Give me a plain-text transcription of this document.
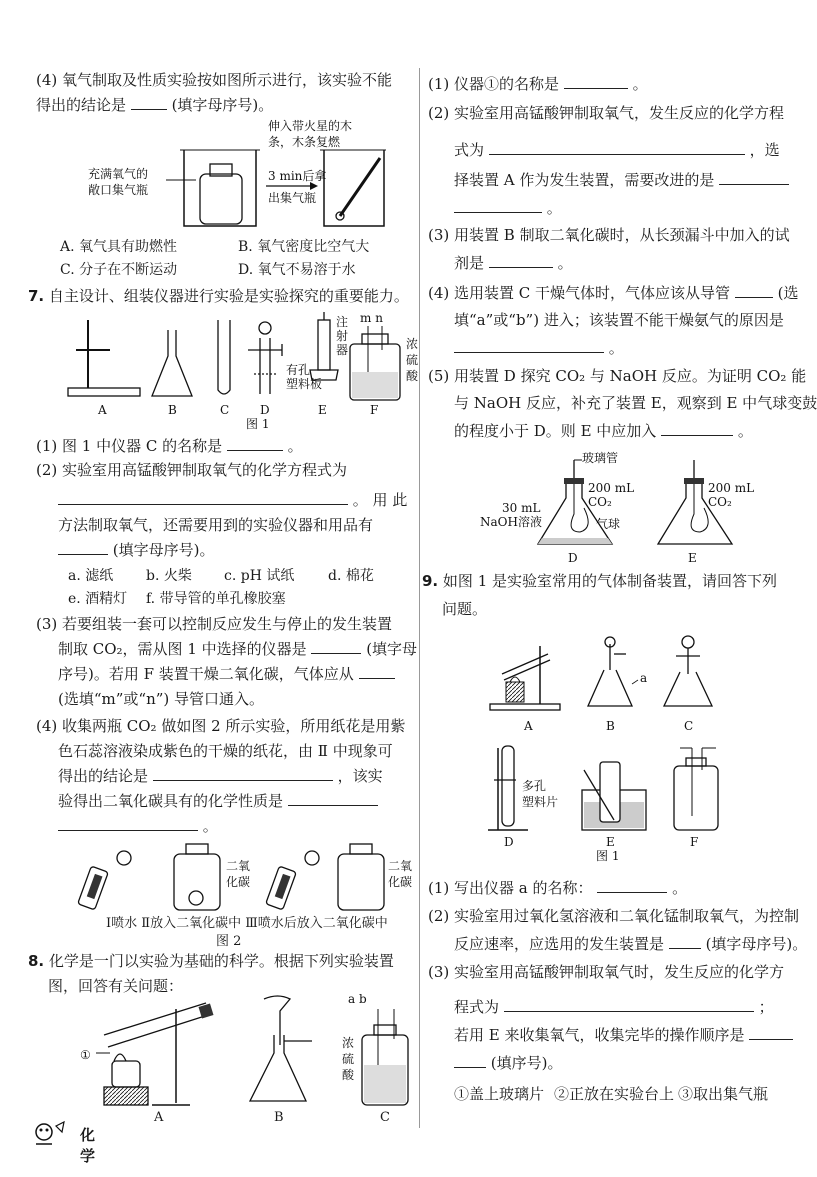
(4) 氧气制取及性质实验按如图所示进行，该实验不能
得出的结论是	(填字母序号)。
充满氧气的
敞口集气瓶
3 min后拿
出集气瓶
伸入带火星的木
条，木条复燃
A. 氧气具有助燃性	B. 氧气密度比空气大
C. 分子在不断运动	D. 氧气不易溶于水
7. 自主设计、组装仪器进行实验是实验探究的重要能力。
有孔
塑料板
注
射
器
m n
浓
硫
酸
A	B	C	D	E	F
图 1
(1) 图 1 中仪器 C 的名称是	。
(2) 实验室用高锰酸钾制取氧气的化学方程式为
。 用 此
方法制取氧气，还需要用到的实验仪器和用品有
(填字母序号)。
a. 滤纸 b. 火柴 c. pH 试纸 d. 棉花
e. 酒精灯 f. 带导管的单孔橡胶塞
(3) 若要组装一套可以控制反应发生与停止的发生装置
制取 CO₂，需从图 1 中选择的仪器是	(填字母
序号)。若用 F 装置干燥二氧化碳，气体应从
(选填“m”或“n”) 导管口通入。
(4) 收集两瓶 CO₂ 做如图 2 所示实验，所用纸花是用紫
色石蕊溶液染成紫色的干燥的纸花，由 Ⅱ 中现象可
得出的结论是	，该实
验得出二氧化碳具有的化学性质是
。
二氧
化碳
二氧
化碳
Ⅰ喷水 Ⅱ放入二氧化碳中 Ⅲ喷水后放入二氧化碳中
图 2
8. 化学是一门以实验为基础的科学。根据下列实验装置
图，回答有关问题：
①
a b
浓
硫
酸
A	B	C
化学
(1) 仪器①的名称是	。
(2) 实验室用高锰酸钾制取氧气，发生反应的化学方程
式为	，选
择装置 A 作为发生装置，需要改进的是
。
(3) 用装置 B 制取二氧化碳时，从长颈漏斗中加入的试
剂是	。
(4) 选用装置 C 干燥气体时，气体应该从导管	(选
填“a”或“b”) 进入；该装置不能干燥氨气的原因是
。
(5) 用装置 D 探究 CO₂ 与 NaOH 反应。为证明 CO₂ 能
与 NaOH 反应，补充了装置 E，观察到 E 中气球变鼓
的程度小于 D。则 E 中应加入	。
玻璃管
200 mL
CO₂
30 mL
NaOH溶液	气球
D
200 mL
CO₂
E
9. 如图 1 是实验室常用的气体制备装置，请回答下列
问题。
a
A	B	C
多孔
塑料片
D	E	F
图 1
(1) 写出仪器 a 的名称：	。
(2) 实验室用过氧化氢溶液和二氧化锰制取氧气，为控制
反应速率，应选用的发生装置是	(填字母序号)。
(3) 实验室用高锰酸钾制取氧气时，发生反应的化学方
程式为	；
若用 E 来收集氧气，收集完毕的操作顺序是
(填序号)。
①盖上玻璃片 ②正放在实验台上 ③取出集气瓶
